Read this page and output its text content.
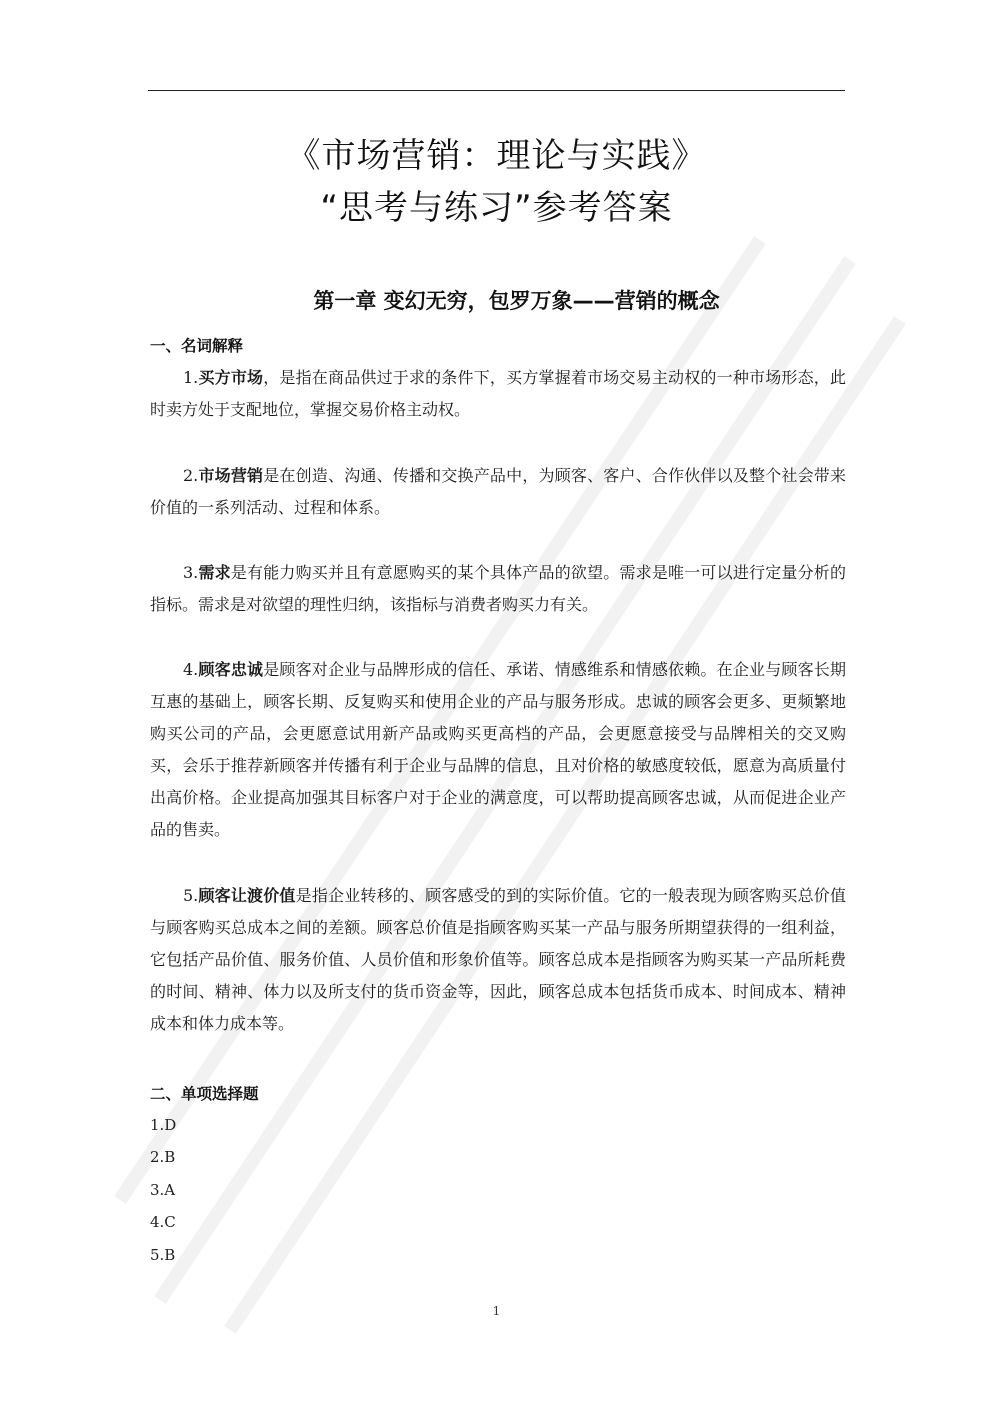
《市场营销：理论与实践》
“思考与练习”参考答案
第一章 变幻无穷，包罗万象——营销的概念
一、名词解释
1.买方市场，是指在商品供过于求的条件下，买方掌握着市场交易主动权的一种市场形态，此时卖方处于支配地位，掌握交易价格主动权。
2.市场营销是在创造、沟通、传播和交换产品中，为顾客、客户、合作伙伴以及整个社会带来价值的一系列活动、过程和体系。
3.需求是有能力购买并且有意愿购买的某个具体产品的欲望。需求是唯一可以进行定量分析的指标。需求是对欲望的理性归纳，该指标与消费者购买力有关。
4.顾客忠诚是顾客对企业与品牌形成的信任、承诺、情感维系和情感依赖。在企业与顾客长期互惠的基础上，顾客长期、反复购买和使用企业的产品与服务形成。忠诚的顾客会更多、更频繁地购买公司的产品，会更愿意试用新产品或购买更高档的产品，会更愿意接受与品牌相关的交叉购买，会乐于推荐新顾客并传播有利于企业与品牌的信息，且对价格的敏感度较低，愿意为高质量付出高价格。企业提高加强其目标客户对于企业的满意度，可以帮助提高顾客忠诚，从而促进企业产品的售卖。
5.顾客让渡价值是指企业转移的、顾客感受的到的实际价值。它的一般表现为顾客购买总价值与顾客购买总成本之间的差额。顾客总价值是指顾客购买某一产品与服务所期望获得的一组利益，它包括产品价值、服务价值、人员价值和形象价值等。顾客总成本是指顾客为购买某一产品所耗费的时间、精神、体力以及所支付的货币资金等，因此，顾客总成本包括货币成本、时间成本、精神成本和体力成本等。
二、单项选择题
1.D
2.B
3.A
4.C
5.B
1
